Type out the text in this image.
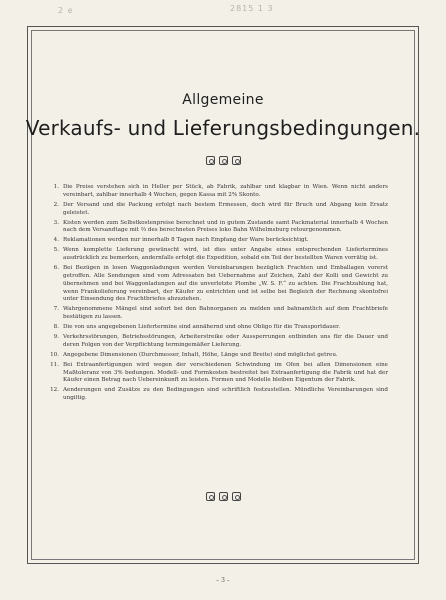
2 e	2815 1 3
Allgemeine
Verkaufs- und Lieferungsbedingungen.
1. Die Preise verstehen sich in Heller per Stück, ab Fabrik, zahlbar und klagbar in Wien. Wenn nicht anders vereinbart, zahlbar innerhalb 4 Wochen, gegen Kassa mit 2% Skonto.
2. Der Versand und die Packung erfolgt nach bestem Ermessen, doch wird für Bruch und Abgang kein Ersatz geleistet.
3. Kisten werden zum Selbstkostenpreise berechnet und in gutem Zustande samt Packmaterial innerhalb 4 Wochen nach dem Versandtage mit ⅔ des berechneten Preises loko Bahn Wilhelmsburg retourgenommen.
4. Reklamationen werden nur innerhalb 8 Tagen nach Empfang der Ware berücksichtigt.
5. Wenn komplette Lieferung gewünscht wird, ist dies unter Angabe eines entsprechenden Liefertermines ausdrücklich zu bemerken, andernfalls erfolgt die Expedition, sobald ein Teil der bestellten Waren vorrätig ist.
6. Bei Bezügen in losen Waggonladungen werden Vereinbarungen bezüglich Frachten und Emballagen vorerst getroffen. Alle Sendungen sind vom Adressaten bei Uebernahme auf Zeichen, Zahl der Kolli und Gewicht zu übernehmen und bei Waggonladungen auf die unverletzte Plombe „W. S. F.“ zu achten. Die Frachtzahlung hat, wenn Frankolieferung vereinbart, der Käufer zu entrichten und ist selbe bei Begleich der Rechnung skontofrei unter Einsendung des Frachtbriefes abzuziehen.
7. Wahrgenommene Mängel sind sofort bei den Bahnorganen zu melden und bahnamtlich auf dem Frachtbriefe bestätigen zu lassen.
8. Die von uns angegebenen Liefertermine sind annähernd und ohne Obligo für die Transportdauer.
9. Verkehrsstörungen, Betriebsstörungen, Arbeiterstreike oder Aussperrungen entbinden uns für die Dauer und deren Folgen von der Verpflichtung termingemäßer Lieferung.
10. Angegebene Dimensionen (Durchmesser, Inhalt, Höhe, Länge und Breite) sind möglichst getreu.
11. Bei Extraanfertigungen wird wegen der verschiedenen Schwindung im Ofen bei allen Dimensionen eine Maßtoleranz von 3% bedungen. Modell- und Formkosten bestreitet bei Extraanfertigung die Fabrik und hat der Käufer einen Betrag nach Uebereinkunft zu leisten. Formen und Modelle bleiben Eigentum der Fabrik.
12. Aenderungen und Zusätze zu den Bedingungen sind schriftlich festzustellen. Mündliche Vereinbarungen sind ungiltig.
– 3 –
